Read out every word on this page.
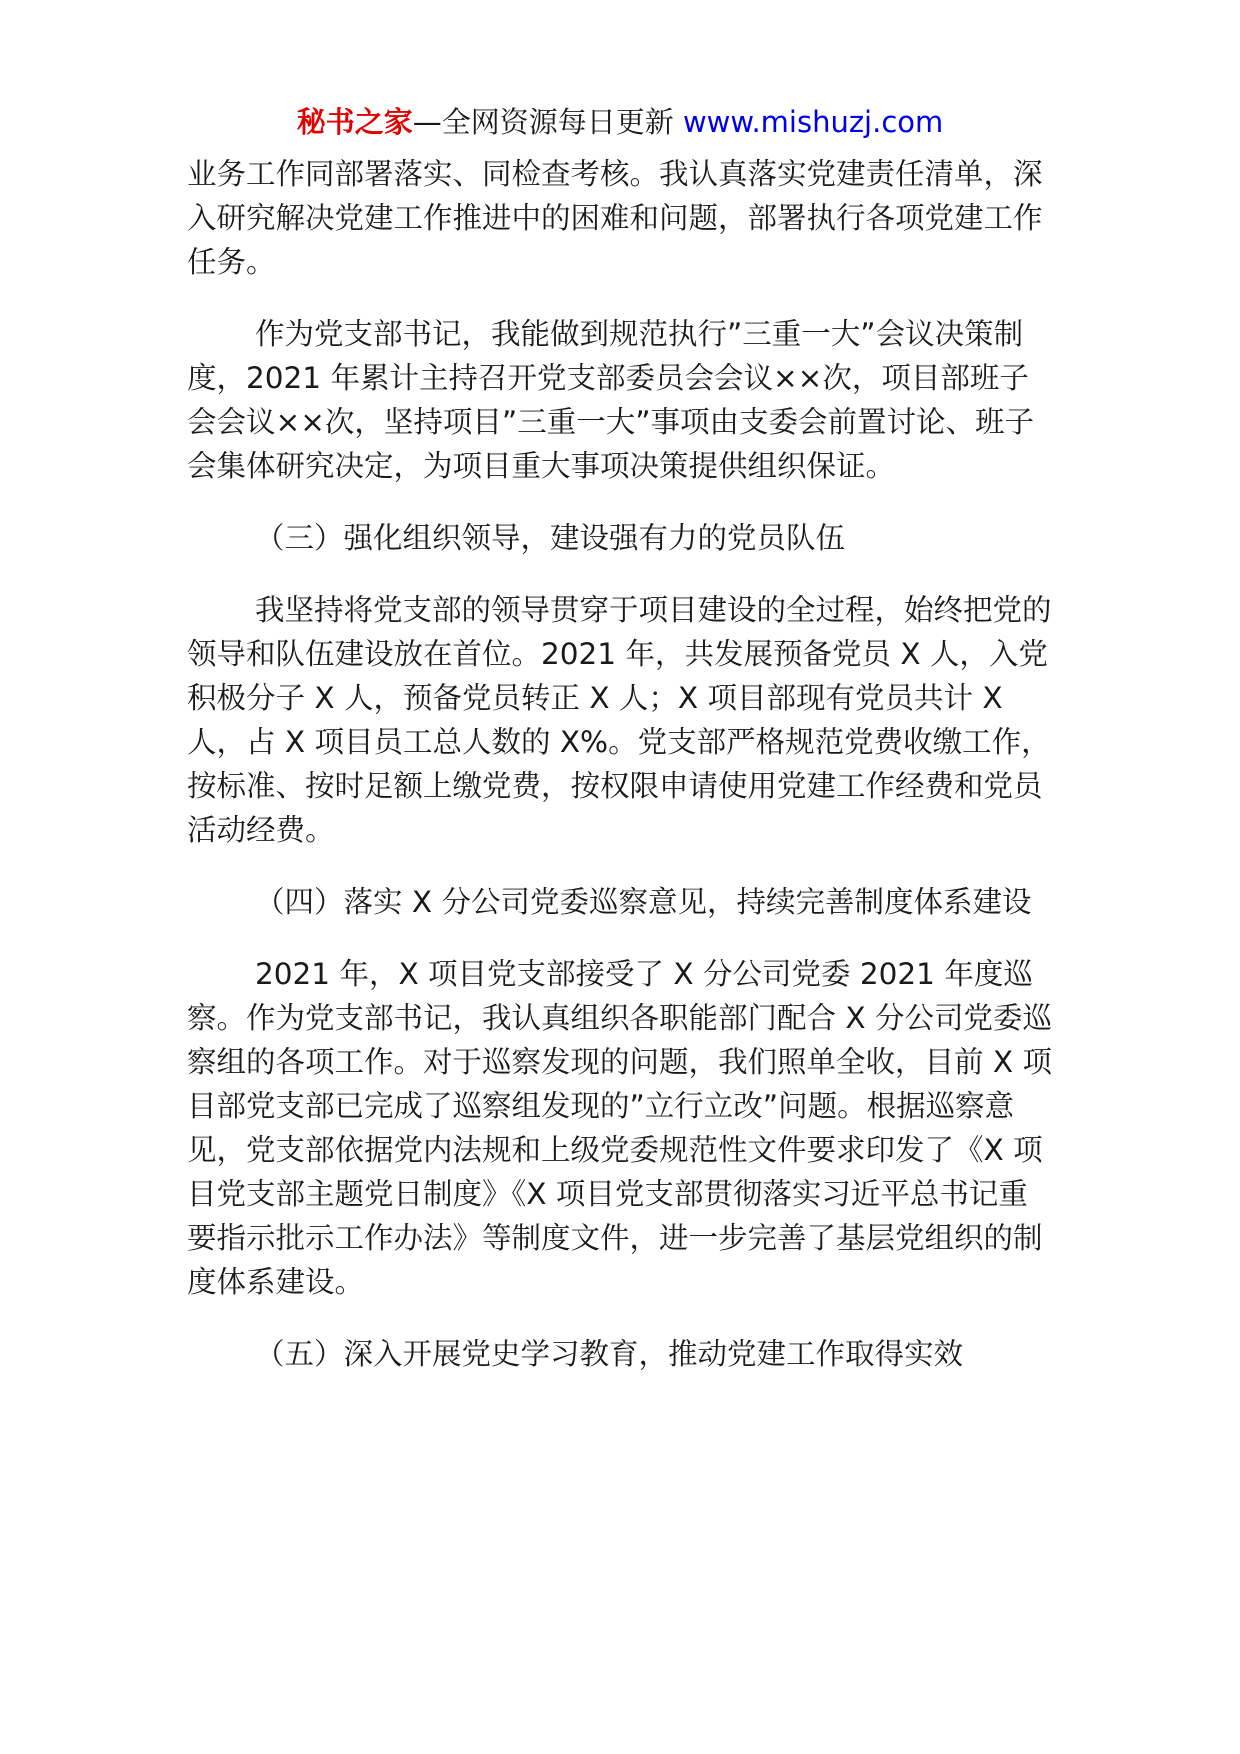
秘书之家—全网资源每日更新 www.mishuzj.com

业务工作同部署落实、同检查考核。我认真落实党建责任清单，深入研究解决党建工作推进中的困难和问题，部署执行各项党建工作任务。

作为党支部书记，我能做到规范执行”三重一大”会议决策制度，2021 年累计主持召开党支部委员会会议××次，项目部班子会会议××次，坚持项目”三重一大”事项由支委会前置讨论、班子会集体研究决定，为项目重大事项决策提供组织保证。

（三）强化组织领导，建设强有力的党员队伍

我坚持将党支部的领导贯穿于项目建设的全过程，始终把党的领导和队伍建设放在首位。2021 年，共发展预备党员 X 人，入党积极分子 X 人，预备党员转正 X 人；X 项目部现有党员共计 X 人，占 X 项目员工总人数的 X%。党支部严格规范党费收缴工作，按标准、按时足额上缴党费，按权限申请使用党建工作经费和党员活动经费。

（四）落实 X 分公司党委巡察意见，持续完善制度体系建设

2021 年，X 项目党支部接受了 X 分公司党委 2021 年度巡察。作为党支部书记，我认真组织各职能部门配合 X 分公司党委巡察组的各项工作。对于巡察发现的问题，我们照单全收，目前 X 项目部党支部已完成了巡察组发现的”立行立改”问题。根据巡察意见，党支部依据党内法规和上级党委规范性文件要求印发了《X 项目党支部主题党日制度》《X 项目党支部贯彻落实习近平总书记重要指示批示工作办法》等制度文件，进一步完善了基层党组织的制度体系建设。

（五）深入开展党史学习教育，推动党建工作取得实效
